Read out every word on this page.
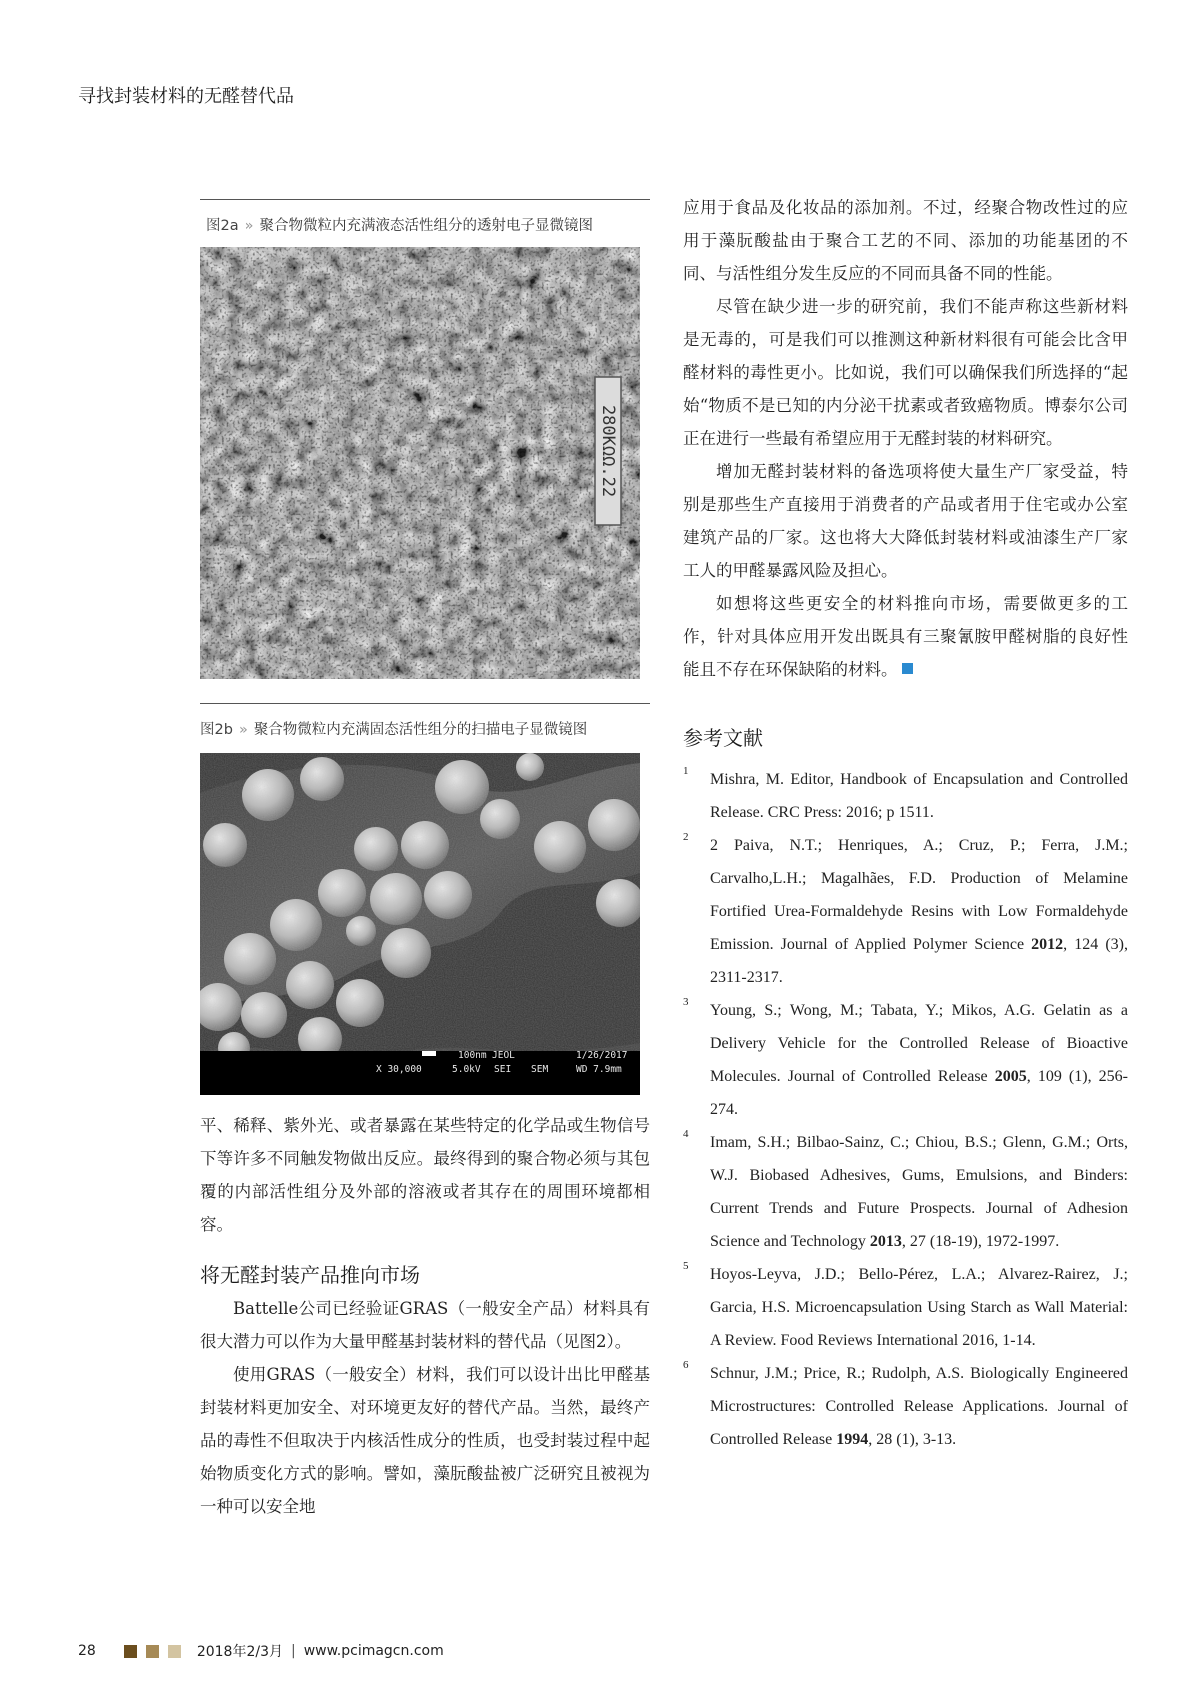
寻找封装材料的无醛替代品
图2a » 聚合物微粒内充满液态活性组分的透射电子显微镜图
280KΩΩ.22
图2b » 聚合物微粒内充满固态活性组分的扫描电子显微镜图
100nm JEOL	1/26/2017
X 30,000	5.0kV SEI SEM	WD 7.9mm

平、稀释、紫外光、或者暴露在某些特定的化学品或生物信号下等许多不同触发物做出反应。最终得到的聚合物必须与其包覆的内部活性组分及外部的溶液或者其存在的周围环境都相容。

将无醛封装产品推向市场

Battelle公司已经验证GRAS（一般安全产品）材料具有很大潜力可以作为大量甲醛基封装材料的替代品（见图2）。

使用GRAS（一般安全）材料，我们可以设计出比甲醛基封装材料更加安全、对环境更友好的替代产品。当然，最终产品的毒性不但取决于内核活性成分的性质，也受封装过程中起始物质变化方式的影响。譬如，藻朊酸盐被广泛研究且被视为一种可以安全地

应用于食品及化妆品的添加剂。不过，经聚合物改性过的应用于藻朊酸盐由于聚合工艺的不同、添加的功能基团的不同、与活性组分发生反应的不同而具备不同的性能。

尽管在缺少进一步的研究前，我们不能声称这些新材料是无毒的，可是我们可以推测这种新材料很有可能会比含甲醛材料的毒性更小。比如说，我们可以确保我们所选择的“起始“物质不是已知的内分泌干扰素或者致癌物质。博泰尔公司正在进行一些最有希望应用于无醛封装的材料研究。

增加无醛封装材料的备选项将使大量生产厂家受益，特别是那些生产直接用于消费者的产品或者用于住宅或办公室建筑产品的厂家。这也将大大降低封装材料或油漆生产厂家工人的甲醛暴露风险及担心。

如想将这些更安全的材料推向市场，需要做更多的工作，针对具体应用开发出既具有三聚氰胺甲醛树脂的良好性能且不存在环保缺陷的材料。

参考文献

1 Mishra, M. Editor, Handbook of Encapsulation and Controlled Release. CRC Press: 2016; p 1511.

2 2 Paiva, N.T.; Henriques, A.; Cruz, P.; Ferra, J.M.; Carvalho,L.H.; Magalhães, F.D. Production of Melamine Fortified Urea-Formaldehyde Resins with Low Formaldehyde Emission. Journal of Applied Polymer Science 2012, 124 (3), 2311-2317.

3 Young, S.; Wong, M.; Tabata, Y.; Mikos, A.G. Gelatin as a Delivery Vehicle for the Controlled Release of Bioactive Molecules. Journal of Controlled Release 2005, 109 (1), 256-274.

4 Imam, S.H.; Bilbao-Sainz, C.; Chiou, B.S.; Glenn, G.M.; Orts, W.J. Biobased Adhesives, Gums, Emulsions, and Binders: Current Trends and Future Prospects. Journal of Adhesion Science and Technology 2013, 27 (18-19), 1972-1997.

5 Hoyos-Leyva, J.D.; Bello-Pérez, L.A.; Alvarez-Rairez, J.; Garcia, H.S. Microencapsulation Using Starch as Wall Material: A Review. Food Reviews International 2016, 1-14.

6 Schnur, J.M.; Price, R.; Rudolph, A.S. Biologically Engineered Microstructures: Controlled Release Applications. Journal of Controlled Release 1994, 28 (1), 3-13.

28	2018年2/3月 | www.pcimagcn.com
